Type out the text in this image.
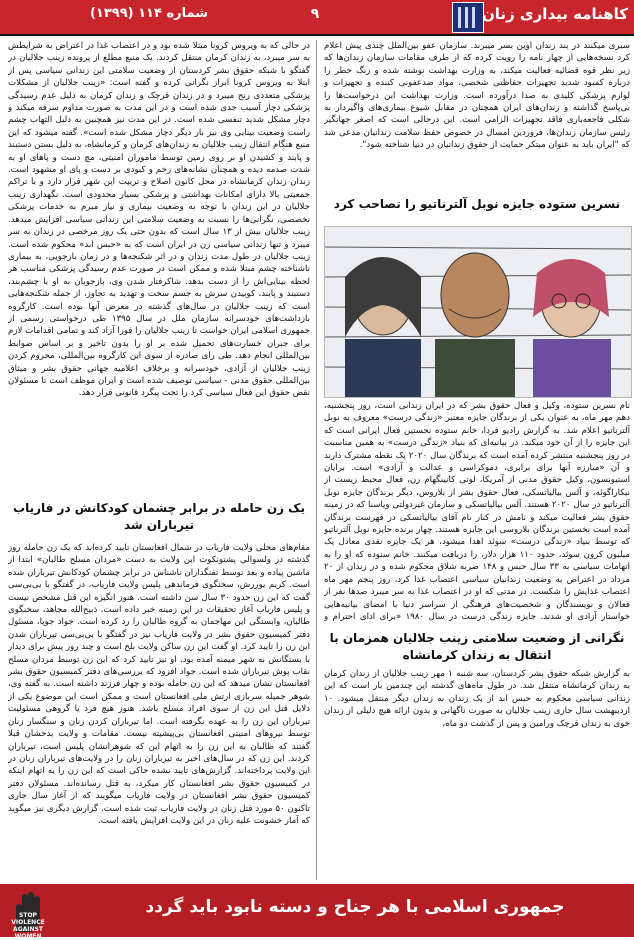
کاهنامه بیداری زنان
۹
شماره ۱۱۴ (۱۳۹۹)

سیری میکنند در بند زندان اوین بسر میبرند. سازمان عفو بین‌الملل چندی پیش اعلام کرد نسخه‌هایی از چهار نامه را رویت کرده که از طرف مقامات سازمان زندان‌ها که زیر نظر قوه قضائیه فعالیت میکند، به وزارت بهداشت نوشته شده و زنگ خطر را درباره کمبود شدید تجهیزات حفاظتی شخصی، مواد ضدعفونی کننده و تجهیزات و لوازم پزشکی کلیدی به صدا درآورده است. وزارت بهداشت این درخواست‌ها را بی‌پاسخ گذاشته و زندان‌های ایران همچنان در مقابل شیوع بیماری‌های واگیردار به شکلی فاجعه‌باری فاقد تجهیزات الزامی است. این درحالی است که اصغر جهانگیر رئیس سازمان زندان‌ها، فروردین امسال در خصوص حفظ سلامت زندانیان مدعی شد که "ایران باید به عنوان مبتکر حمایت از حقوق زندانیان در دنیا شناخته شود".

نسرین ستوده جایزه نوبل آلترناتیو را تصاحب کرد

نام نسرین ستوده، وکیل و فعال حقوق بشر که در ایران زندانی است، روز پنجشنبه، دهم مهر ماه، به عنوان یکی از برندگان جایزه معتبر «زندگی درست» معروف به نوبل آلترناتیو اعلام شد. به گزارش رادیو فردا، خانم ستوده نخستین فعال ایرانی است که این جایزه را از آن خود میکند. در بیانیه‌ای که بنیاد «زندگی درست» به همین مناسبت در روز پنجشنبه منتشر کرده آمده است که برندگان سال ۲۰۲۰ یک نقطه مشترک دارند و آن «مبارزه آنها برای برابری، دموکراسی و عدالت و آزادی» است. برایان استیونسون، وکیل حقوق مدنی از آمریکا، لوتی کانینگهام رن، فعال محیط زیست از نیکاراگوئه، و آلس بیالیاتسکی، فعال حقوق بشر از بلاروس، دیگر برندگان جایزه نوبل آلترناتیو در سال ۲۰۲۰ هستند. آلس بیالیاتسکی و سازمان غیردولتی ویاسنا که در زمینه حقوق بشر فعالیت میکند و نامش در کنار نام آقای بیالیاتسکی در فهرست برندگان آمده است نخستین برندگان بلاروسی این جایزه هستند. چهار برنده جایزه نوبل آلترناتیو که توسط بنیاد «زندگی درست» سوئد اهدا میشود، هر یک جایزه نقدی معادل یک میلیون کرون سوئد، حدود ۱۱۰ هزار دلار، را دریافت میکنند. خانم ستوده که او را به اتهامات سیاسی به ۳۳ سال حبس و ۱۴۸ ضربه شلاق محکوم شده و در زندان از ۲۰ مرداد در اعتراض به وضعیت زندانیان سیاسی اعتصاب غذا کرد، روز پنجم مهر ماه اعتصاب غذایش را شکست. در مدتی که او در اعتصاب غذا به سر میبرد صدها نفر از فعالان و نویسندگان و شخصیت‌های فرهنگی از سراسر دنیا با امضای بیانیه‌هایی خواستار آزادی او شدند. جایزه زندگی درست در سال ۱۹۸۰ «برای ادای احترام و

نگرانی از وضعیت سلامتی زینب جلالیان همزمان با انتقال به زندان کرمانشاه

به گزارش شبکه حقوق بشر کردستان، سه شنبه ۱ مهر زینب جلالیان از زندان کرمان به زندان کرمانشاه منتقل شد. در طول ماه‌های گذشته این چندمین بار است که این زندانی سیاسی محکوم به حبس ابد از یک زندان به زندان دیگر منتقل میشود. ۱۰ اردیبهشت سال جاری زینب جلالیان به صورت ناگهانی و بدون ارائه هیچ دلیلی از زندان خوی به زندان قرچک ورامین و پس از گذشت دو ماه،

در حالی که به ویروس کرونا مبتلا شده بود و در اعتصاب غذا در اعتراض به شرایطش به سر میبرد، به زندان کرمان منتقل کردند. یک منبع مطلع از پرونده زینب جلالیان در گفتگو با شبکه حقوق بشر کردستان از وضعیت سلامتی این زندانی سیاسی پس از ابتلا به ویروس کرونا ابراز نگرانی کرده و گفته است: «زینب جلالیان از مشکلات پزشکی متعددی رنج میبرد و در زندان قرچک و زندان کرمان به دلیل عدم رسیدگی پزشکی دچار آسیب جدی شده است و در این مدت به صورت مداوم سرفه میکند و دچار مشکل شدید تنفسی شده است. در این مدت نیز همچنین به دلیل التهاب چشم راست وضعیت بینایی وی نیز بار دیگر دچار مشکل شده است». گفته میشود که این منبع هنگام انتقال زینب جلالیان به زندان‌های کرمان و کرمانشاه، به دلیل بستن دستبند و پابند و کشیدن او بر روی زمین توسط ماموران امنیتی، مچ دست و پاهای او به شدت صدمه دیده و همچنان نشانه‌های زخم و کبودی بر دست و پای او مشهود است. زندان زندان کرمانشاه در محل کانون اصلاح و تربیت این شهر قرار دارد و با تراکم جمعیتی بالا دارای امکانات بهداشتی و پزشکی بسیار محدودی است. نگهداری زینب جلالیان در این زندان با توجه به وضعیت بیماری و نیاز مبرم به خدمات پزشکی تخصصی، نگرانی‌ها را نسبت به وضعیت سلامتی این زندانی سیاسی افزایش میدهد. زینب جلالیان بیش از ۱۳ سال است که بدون حتی یک روز مرخصی در زندان به سر میبرد و تنها زندانی سیاسی زن در ایران است که به «حبس ابد» محکوم شده است. زینب جلالیان در طول مدت زندان و در اثر شکنجه‌ها و در زمان بازجویی، به بیماری ناشناخته چشم مبتلا شده و ممکن است در صورت عدم رسیدگی پزشکی مناسب هر لحظه بینایی‌اش را از دست بدهد. شاکرفتار شدن وی، بازجویان به او با چشم‌بند، دستبند و پابند، کوبیدن سرش به جسم سخت و تهدید به تجاوز، از جمله شکنجه‌هایی است که زینب جلالیان در سال‌های گذشته در معرض آنها بوده است. کارگروه بازداشت‌های خودسرانه سازمان ملل در سال ۱۳۹۵ طی درخواستی رسمی از جمهوری اسلامی ایران خواست تا زینب جلالیان را فورا آزاد کند و تمامی اقدامات لازم برای جبران خسارت‌های تحمیل شده بر او را بدون تاخیر و بر اساس ضوابط بین‌المللی انجام دهد. طی رای صادره از سوی این کارگروه بین‌المللی، محروم کردن زینب جلالیان از آزادی، خودسرانه و برخلاف اعلامیه جهانی حقوق بشر و میثاق بین‌المللی حقوق مدنی - سیاسی توصیف شده است و ایران موظف است تا مسئولان نقض حقوق این فعال سیاسی کرد را تحت پیگرد قانونی قرار دهد.

یک زن حامله در برابر چشمان کودکانش در فاریاب تیرباران شد

مقام‌های محلی ولایت فاریاب در شمال افغانستان تایید کرده‌اند که یک زن حامله روز گذشته در ولسوالی پشتونکوت این ولایت به دست «مردان مسلح طالبان» ابتدا از ماشین پیاده و بعد توسط تفنگداران ناشناس در برابر چشمان کودکانش تیرباران شده است. کریم یوررش، سخنگوی فرماندهی پلیس ولایت فاریاب، در گفتگو با بی‌بی‌سی گفت که این زن حدود ۳۰ سال سن داشته است. هنوز انگیزه این قتل مشخص نیست و پلیس فاریاب آغاز تحقیقات در این زمینه خبر داده است. ذبیح‌الله مجاهد، سخنگوی طالبان، وابستگی این مهاجمان به گروه طالبان را رد کرده است. جواد جویا، مسئول دفتر کمیسیون حقوق بشر در ولایت فاریاب نیز در گفتگو با بی‌بی‌سی تیرباران شدن این زن را تایید کرد. او گفت این زن ساکن ولایت بلخ است و چند روز پیش برای دیدار با بستگانش به شهر میمنه آمده بود. او نیز تایید کرد که این زن توسط مردان مسلح نقاب پوش تیرباران شده است. جواد افزود که بررسی‌های دفتر کمیسیون حقوق بشر افغانستان نشان میدهد که این زن حامله بوده و چهار فرزند داشته است. به گفته وی، شوهر جمیله سربازی ارتش ملی افغانستان است و ممکن است این موضوع یکی از دلایل قتل این زن از سوی افراد مسلح باشد. هنوز هیچ فرد یا گروهی مسئولیت تیرباران این زن را به عهده نگرفته است. اما تیرباران کردن زنان و سنگسار زنان توسط نیروهای امنیتی افغانستان بی‌پیشینه نیست. مقامات و ولایت بدخشان قبلا گفتند که طالبان به این زن را به اتهام این که شوهرانشان پلیس است، تیرباران کردند. این زن که در سال‌های اخیر به تیرباران زنان را در ولایت‌های تیرباران زنان در این ولایت پرداخته‌اند. گزارش‌های تایید نشده حاکی است که این زن را به اتهام اینکه در کمیسیون حقوق بشر افغانستان کار میکرد، به قتل رسانده‌اند. مسئولان دفتر کمیسیون حقوق بشر افغانستان در ولایت فاریاب میگویند که از آغاز سال جاری تاکنون ۵۰ مورد قتل زنان در ولایت فاریاب ثبت شده است. گزارش دیگری نیز میگوید که آمار خشونت علیه زنان در این ولایت افزایش یافته است.

STOP VIOLENCE AGAINST WOMEN
جمهوری اسلامی با هر جناح و دسته نابود باید گردد
